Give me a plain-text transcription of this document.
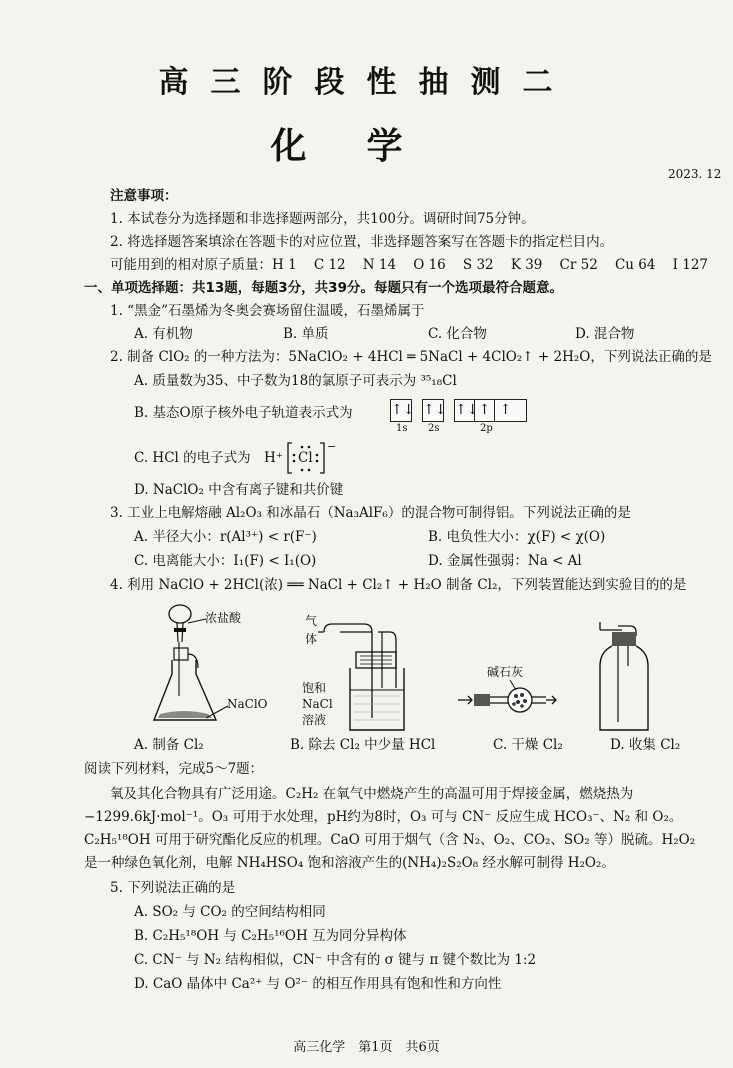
高三阶段性抽测二
化学
2023. 12
注意事项：
1. 本试卷分为选择题和非选择题两部分，共100分。调研时间75分钟。
2. 将选择题答案填涂在答题卡的对应位置，非选择题答案写在答题卡的指定栏目内。
可能用到的相对原子质量：H 1    C 12    N 14    O 16    S 32    K 39    Cr 52    Cu 64    I 127
一、单项选择题：共13题，每题3分，共39分。每题只有一个选项最符合题意。
1. “黑金”石墨烯为冬奥会赛场留住温暖，石墨烯属于
A. 有机物	B. 单质	C. 化合物	D. 混合物
2. 制备 ClO₂ 的一种方法为：5NaClO₂ + 4HCl ═ 5NaCl + 4ClO₂↑ + 2H₂O，下列说法正确的是
A. 质量数为35、中子数为18的氯原子可表示为 ³⁵₁₈Cl
B. 基态O原子核外电子轨道表示式为	↑↓ ↑↓ ↑↓ ↑ ↑
1s 2s	2p
C. HCl 的电子式为 H⁺ Cl
−
D. NaClO₂ 中含有离子键和共价键
3. 工业上电解熔融 Al₂O₃ 和冰晶石（Na₃AlF₆）的混合物可制得铝。下列说法正确的是
A. 半径大小：r(Al³⁺) < r(F⁻)	B. 电负性大小：χ(F) < χ(O)
C. 电离能大小：I₁(F) < I₁(O)	D. 金属性强弱：Na < Al
4. 利用 NaClO + 2HCl(浓) ══ NaCl + Cl₂↑ + H₂O 制备 Cl₂，下列装置能达到实验目的的是
浓盐酸
NaClO
气
体
饱和
NaCl
溶液
碱石灰
A. 制备 Cl₂	B. 除去 Cl₂ 中少量 HCl	C. 干燥 Cl₂	D. 收集 Cl₂
阅读下列材料，完成5～7题：
氧及其化合物具有广泛用途。C₂H₂ 在氧气中燃烧产生的高温可用于焊接金属，燃烧热为
−1299.6kJ·mol⁻¹。O₃ 可用于水处理，pH约为8时，O₃ 可与 CN⁻ 反应生成 HCO₃⁻、N₂ 和 O₂。
C₂H₅¹⁸OH 可用于研究酯化反应的机理。CaO 可用于烟气（含 N₂、O₂、CO₂、SO₂ 等）脱硫。H₂O₂
是一种绿色氧化剂，电解 NH₄HSO₄ 饱和溶液产生的(NH₄)₂S₂O₈ 经水解可制得 H₂O₂。
5. 下列说法正确的是
A. SO₂ 与 CO₂ 的空间结构相同
B. C₂H₅¹⁸OH 与 C₂H₅¹⁶OH 互为同分异构体
C. CN⁻ 与 N₂ 结构相似，CN⁻ 中含有的 σ 键与 π 键个数比为 1:2
D. CaO 晶体中 Ca²⁺ 与 O²⁻ 的相互作用具有饱和性和方向性
高三化学　第1页　共6页
